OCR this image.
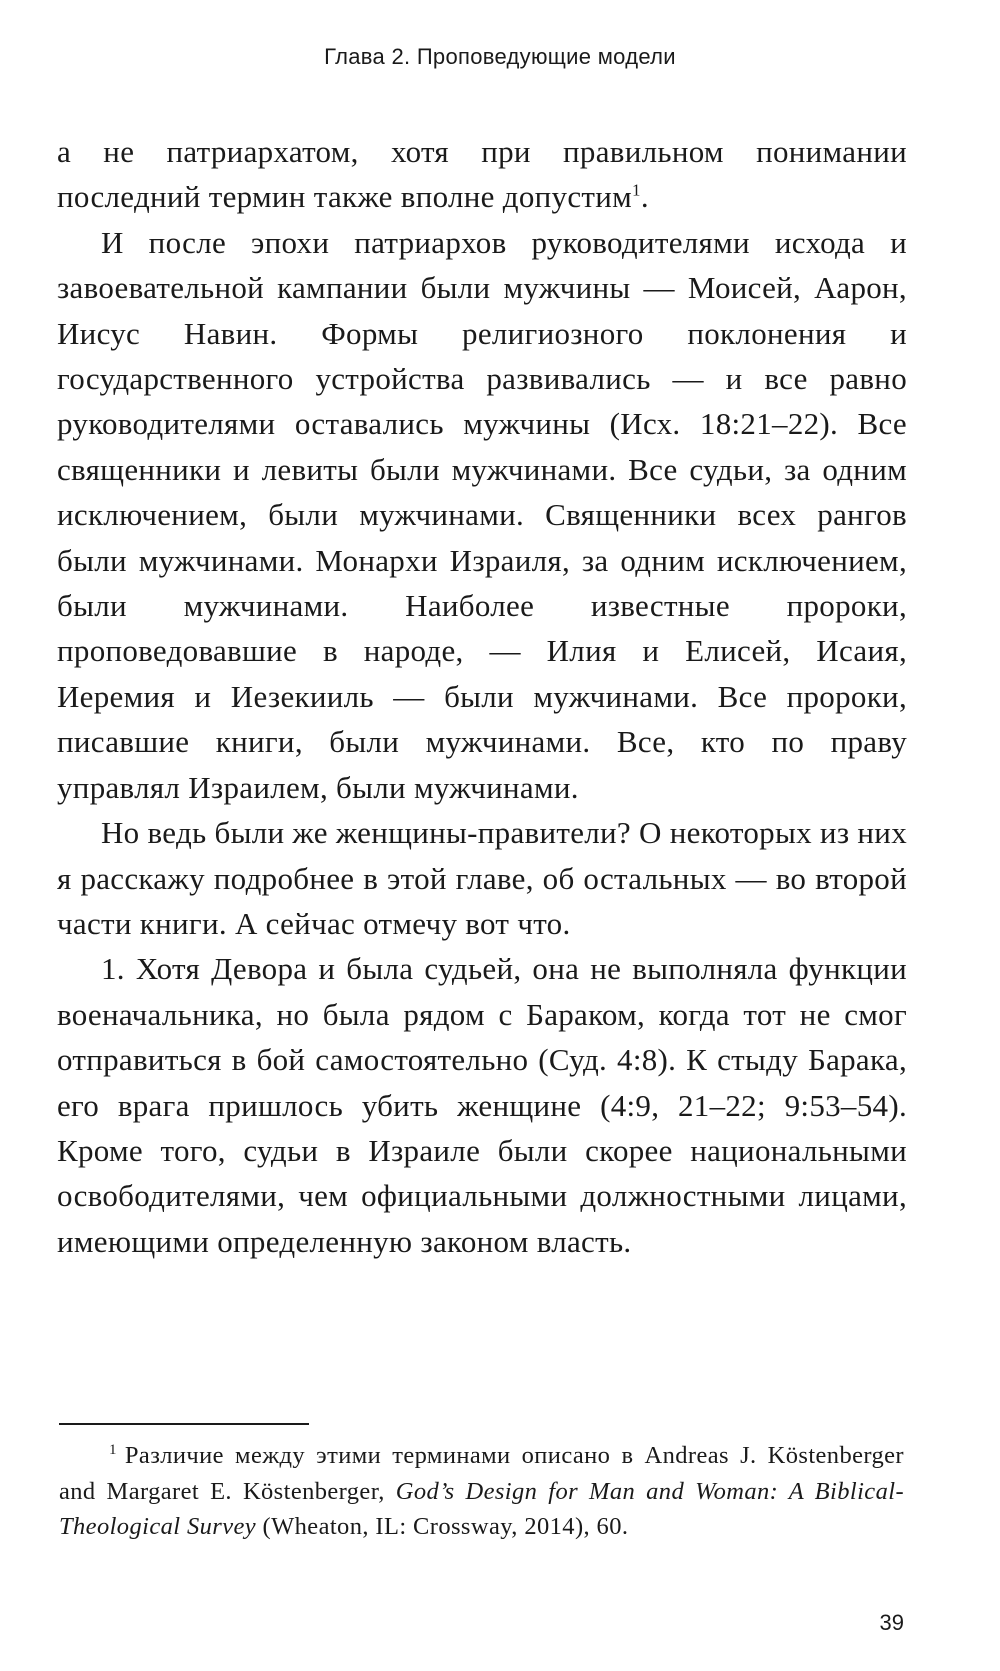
Глава 2. Проповедующие модели

а не патриархатом, хотя при правильном понимании последний термин также вполне допустим$^1$.

И после эпохи патриархов руководителями исхода и завоевательной кампании были мужчины — Моисей, Аарон, Иисус Навин. Формы религиозного поклонения и государственного устройства развивались — и все равно руководителями оставались мужчины (Исх. 18:21–22). Все священники и левиты были мужчинами. Все судьи, за одним исключением, были мужчинами. Священники всех рангов были мужчинами. Монархи Израиля, за одним исключением, были мужчинами. Наиболее известные пророки, проповедовавшие в народе, — Илия и Елисей, Исаия, Иеремия и Иезекииль — были мужчинами. Все пророки, писавшие книги, были мужчинами. Все, кто по праву управлял Израилем, были мужчинами.

Но ведь были же женщины-правители? О некоторых из них я расскажу подробнее в этой главе, об остальных — во второй части книги. А сейчас отмечу вот что.

1. Хотя Девора и была судьей, она не выполняла функции военачальника, но была рядом с Бараком, когда тот не смог отправиться в бой самостоятельно (Суд. 4:8). К стыду Барака, его врага пришлось убить женщине (4:9, 21–22; 9:53–54). Кроме того, судьи в Израиле были скорее национальными освободителями, чем официальными должностными лицами, имеющими определенную законом власть.

$^1$ Различие между этими терминами описано в Andreas J. Köstenberger and Margaret E. Köstenberger, God’s Design for Man and Woman: A Biblical-Theological Survey (Wheaton, IL: Crossway, 2014), 60.
39
